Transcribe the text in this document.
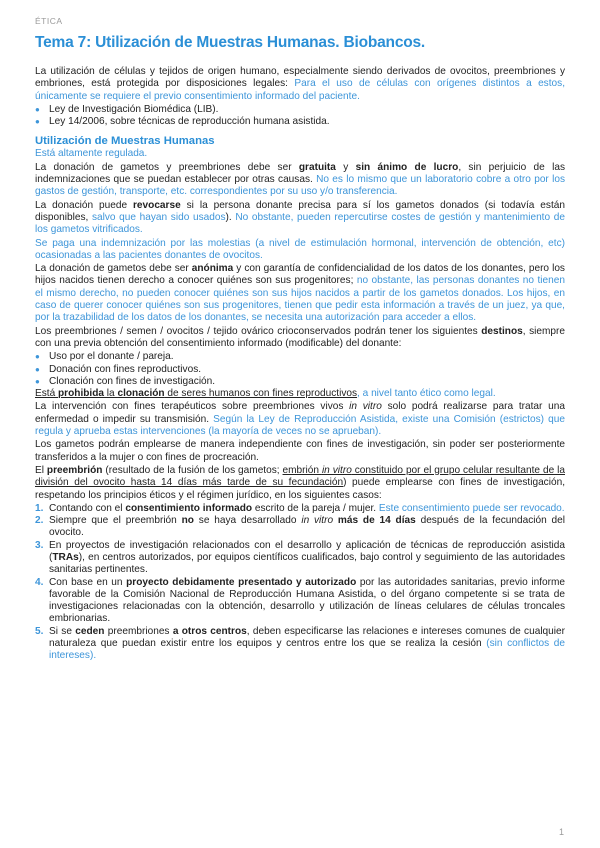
ÉTICA
Tema 7: Utilización de Muestras Humanas. Biobancos.

La utilización de células y tejidos de origen humano, especialmente siendo derivados de ovocitos, preembriones y embriones, está protegida por disposiciones legales: Para el uso de células con orígenes distintos a estos, únicamente se requiere el previo consentimiento informado del paciente.

● Ley de Investigación Biomédica (LIB).
● Ley 14/2006, sobre técnicas de reproducción humana asistida.
Utilización de Muestras Humanas

Está altamente regulada.

La donación de gametos y preembriones debe ser gratuita y sin ánimo de lucro, sin perjuicio de las indemnizaciones que se puedan establecer por otras causas. No es lo mismo que un laboratorio cobre a otro por los gastos de gestión, transporte, etc. correspondientes por su uso y/o transferencia.

La donación puede revocarse si la persona donante precisa para sí los gametos donados (si todavía están disponibles, salvo que hayan sido usados). No obstante, pueden repercutirse costes de gestión y mantenimiento de los gametos vitrificados.

Se paga una indemnización por las molestias (a nivel de estimulación hormonal, intervención de obtención, etc) ocasionadas a las pacientes donantes de ovocitos.

La donación de gametos debe ser anónima y con garantía de confidencialidad de los datos de los donantes, pero los hijos nacidos tienen derecho a conocer quiénes son sus progenitores; no obstante, las personas donantes no tienen el mismo derecho, no pueden conocer quiénes son sus hijos nacidos a partir de los gametos donados. Los hijos, en caso de querer conocer quiénes son sus progenitores, tienen que pedir esta información a través de un juez, ya que, por la trazabilidad de los datos de los donantes, se necesita una autorización para acceder a ellos.

Los preembriones / semen / ovocitos / tejido ovárico crioconservados podrán tener los siguientes destinos, siempre con una previa obtención del consentimiento informado (modificable) del donante:

● Uso por el donante / pareja.
● Donación con fines reproductivos.
● Clonación con fines de investigación.

Está prohibida la clonación de seres humanos con fines reproductivos, a nivel tanto ético como legal.

La intervención con fines terapéuticos sobre preembriones vivos in vitro solo podrá realizarse para tratar una enfermedad o impedir su transmisión. Según la Ley de Reproducción Asistida, existe una Comisión (estrictos) que regula y aprueba estas intervenciones (la mayoría de veces no se aprueban).

Los gametos podrán emplearse de manera independiente con fines de investigación, sin poder ser posteriormente transferidos a la mujer o con fines de procreación.

El preembrión (resultado de la fusión de los gametos; embrión in vitro constituido por el grupo celular resultante de la división del ovocito hasta 14 días más tarde de su fecundación) puede emplearse con fines de investigación, respetando los principios éticos y el régimen jurídico, en los siguientes casos:

1. Contando con el consentimiento informado escrito de la pareja / mujer. Este consentimiento puede ser revocado.
2. Siempre que el preembrión no se haya desarrollado in vitro más de 14 días después de la fecundación del ovocito.
3. En proyectos de investigación relacionados con el desarrollo y aplicación de técnicas de reproducción asistida (TRAs), en centros autorizados, por equipos científicos cualificados, bajo control y seguimiento de las autoridades sanitarias pertinentes.
4. Con base en un proyecto debidamente presentado y autorizado por las autoridades sanitarias, previo informe favorable de la Comisión Nacional de Reproducción Humana Asistida, o del órgano competente si se trata de investigaciones relacionadas con la obtención, desarrollo y utilización de líneas celulares de células troncales embrionarias.
5. Si se ceden preembriones a otros centros, deben especificarse las relaciones e intereses comunes de cualquier naturaleza que puedan existir entre los equipos y centros entre los que se realiza la cesión (sin conflictos de intereses).
1
